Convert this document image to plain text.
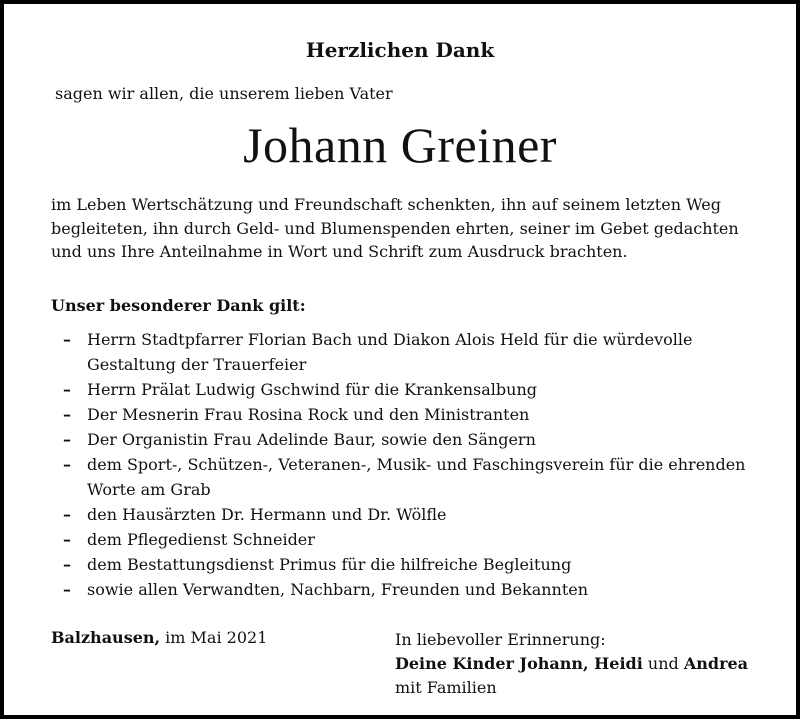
Herzlichen Dank
sagen wir allen, die unserem lieben Vater
Johann Greiner
im Leben Wertschätzung und Freundschaft schenkten, ihn auf seinem letzten Weg begleiteten, ihn durch Geld- und Blumenspenden ehrten, seiner im Gebet gedachten und uns Ihre Anteilnahme in Wort und Schrift zum Ausdruck brachten.
Unser besonderer Dank gilt:
– Herrn Stadtpfarrer Florian Bach und Diakon Alois Held für die würdevolle Gestaltung der Trauerfeier
– Herrn Prälat Ludwig Gschwind für die Krankensalbung
– Der Mesnerin Frau Rosina Rock und den Ministranten
– Der Organistin Frau Adelinde Baur, sowie den Sängern
– dem Sport-, Schützen-, Veteranen-, Musik- und Faschingsverein für die ehrenden Worte am Grab
– den Hausärzten Dr. Hermann und Dr. Wölfle
– dem Pflegedienst Schneider
– dem Bestattungsdienst Primus für die hilfreiche Begleitung
– sowie allen Verwandten, Nachbarn, Freunden und Bekannten
Balzhausen, im Mai 2021	In liebevoller Erinnerung:
Deine Kinder Johann, Heidi und Andrea
mit Familien
